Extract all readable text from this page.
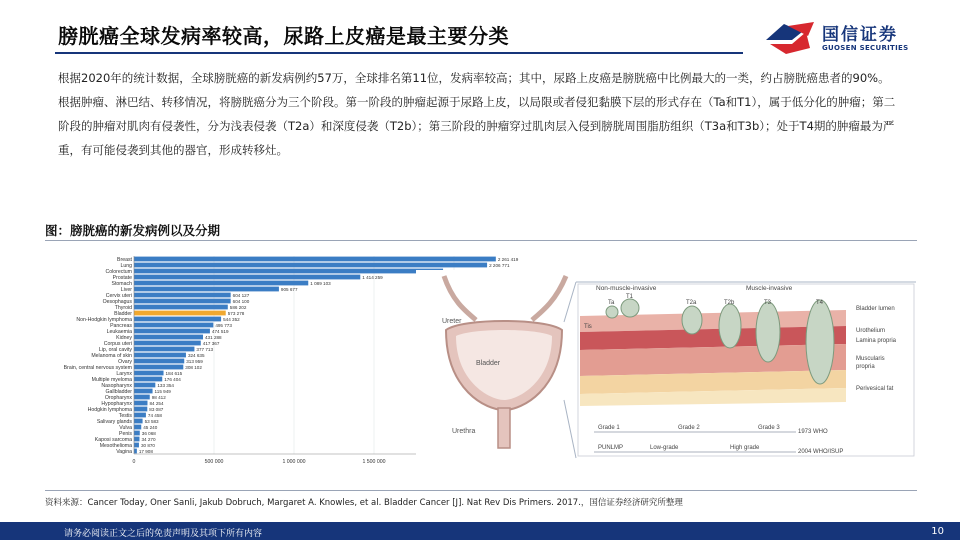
膀胱癌全球发病率较高，尿路上皮癌是最主要分类	国信证券
GUOSEN SECURITIES
根据2020年的统计数据，全球膀胱癌的新发病例约57万，全球排名第11位，发病率较高；其中，尿路上皮癌是膀胱癌中比例最大的一类，约占膀胱癌患者的90%。根据肿瘤、淋巴结、转移情况，将膀胱癌分为三个阶段。第一阶段的肿瘤起源于尿路上皮，以局限或者侵犯黏膜下层的形式存在（Ta和T1），属于低分化的肿瘤；第二阶段的肿瘤对肌肉有侵袭性，分为浅表侵袭（T2a）和深度侵袭（T2b）；第三阶段的肿瘤穿过肌肉层入侵到膀胱周围脂肪组织（T3a和T3b）；处于T4期的肿瘤最为严重，有可能侵袭到其他的器官，形成转移灶。
图：膀胱癌的新发病例以及分期
Breast	2 261 419
Lung	2 206 771
Colorectum
Prostate	1 414 259
Stomach	1 089 103
Liver	905 677
Cervix uteri	604 127
Oesophagus	604 100
Thyroid	586 202
Bladder	573 278
Non-Hodgkin lymphoma	544 352
Pancreas	495 773
Leukaemia	474 519
Kidney	431 288
Corpus uteri	417 367
Lip, oral cavity	377 713
Melanoma of skin	324 635
Ovary	313 959
Brain, central nervous system	308 102
Larynx	184 615
Multiple myeloma	176 404
Nasopharynx	133 354
Gallbladder	115 949
Oropharynx	98 412
Hypopharynx	84 254
Hodgkin lymphoma	83 087
Testis	74 458
Salivary glands	53 583
Vulva 45 240
Penis 36 068
Kaposi sarcoma 34 270
Mesothelioma 30 870
Vagina 17 908
0	500 000	1 000 000	1 500 000
Ureter
Bladder
Urethra
Non-muscle-invasive	Muscle-invasive
Tis
Ta
T1
T2a	T2b	T3	T4
Bladder lumen
Urothelium
Lamina propria
Muscularis
propria
Perivesical fat
Grade 1	Grade 2	Grade 3
1973 WHO
PUNLMP	Low-grade	High grade
2004 WHO/ISUP
资料来源：Cancer Today, Oner Sanli, Jakub Dobruch, Margaret A. Knowles, et al. Bladder Cancer [J]. Nat Rev Dis Primers. 2017.，国信证券经济研究所整理
请务必阅读正文之后的免责声明及其项下所有内容	10
